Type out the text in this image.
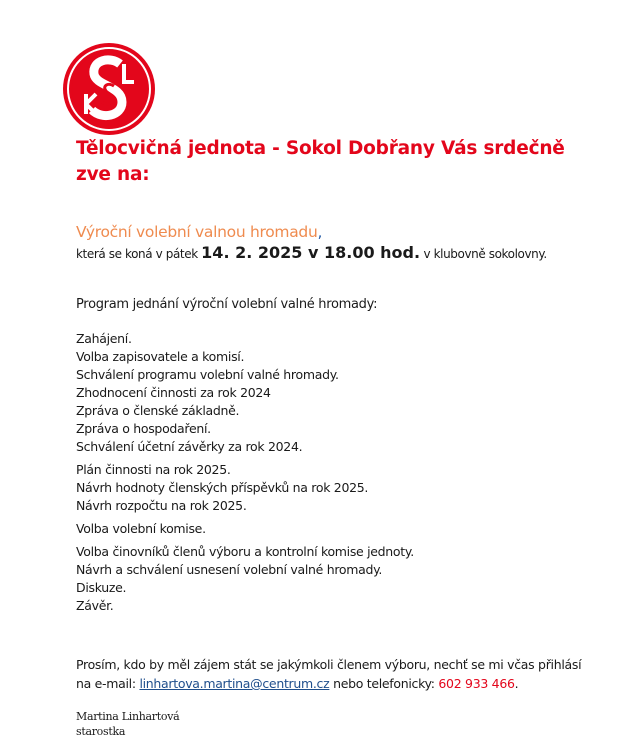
Tělocvičná jednota - Sokol Dobřany Vás srdečně
zve na:
Výroční volební valnou hromadu,
která se koná v pátek 14. 2. 2025 v 18.00 hod. v klubovně sokolovny.
Program jednání výroční volební valné hromady:
Zahájení.
Volba zapisovatele a komisí.
Schválení programu volební valné hromady.
Zhodnocení činnosti za rok 2024
Zpráva o členské základně.
Zpráva o hospodaření.
Schválení účetní závěrky za rok 2024.
Plán činnosti na rok 2025.
Návrh hodnoty členských příspěvků na rok 2025.
Návrh rozpočtu na rok 2025.
Volba volební komise.
Volba činovníků členů výboru a kontrolní komise jednoty.
Návrh a schválení usnesení volební valné hromady.
Diskuze.
Závěr.
Prosím, kdo by měl zájem stát se jakýmkoli členem výboru, nechť se mi včas přihlásí na e-mail: linhartova.martina@centrum.cz nebo telefonicky: 602 933 466.
Martina Linhartová
starostka
